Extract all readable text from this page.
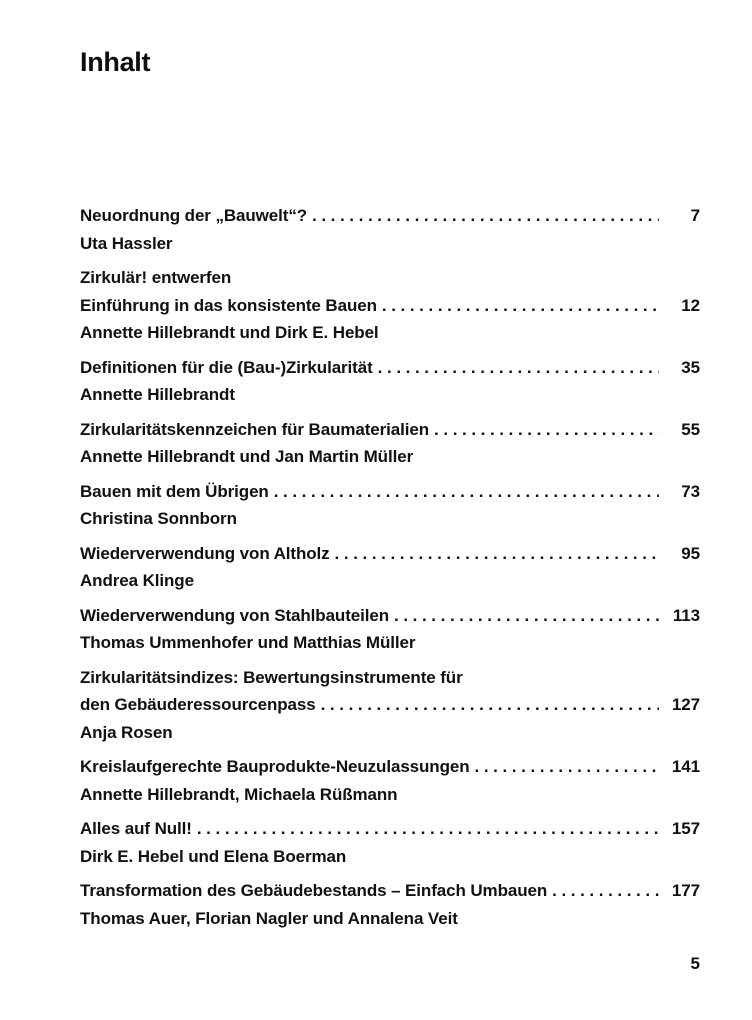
Inhalt
Neuordnung der „Bauwelt“? .....	7
Uta Hassler
Zirkulär! entwerfen
Einführung in das konsistente Bauen .....	12
Annette Hillebrandt und Dirk E. Hebel
Definitionen für die (Bau-)Zirkularität .....	35
Annette Hillebrandt
Zirkularitätskennzeichen für Baumaterialien .....	55
Annette Hillebrandt und Jan Martin Müller
Bauen mit dem Übrigen .....	73
Christina Sonnborn
Wiederverwendung von Altholz .....	95
Andrea Klinge
Wiederverwendung von Stahlbauteilen .....	113
Thomas Ummenhofer und Matthias Müller
Zirkularitätsindizes: Bewertungsinstrumente für
den Gebäuderessourcenpass .....	127
Anja Rosen
Kreislaufgerechte Bauprodukte-Neuzulassungen .....	141
Annette Hillebrandt, Michaela Rüßmann
Alles auf Null! .....	157
Dirk E. Hebel und Elena Boerman
Transformation des Gebäudebestands – Einfach Umbauen .....	177
Thomas Auer, Florian Nagler und Annalena Veit
5
